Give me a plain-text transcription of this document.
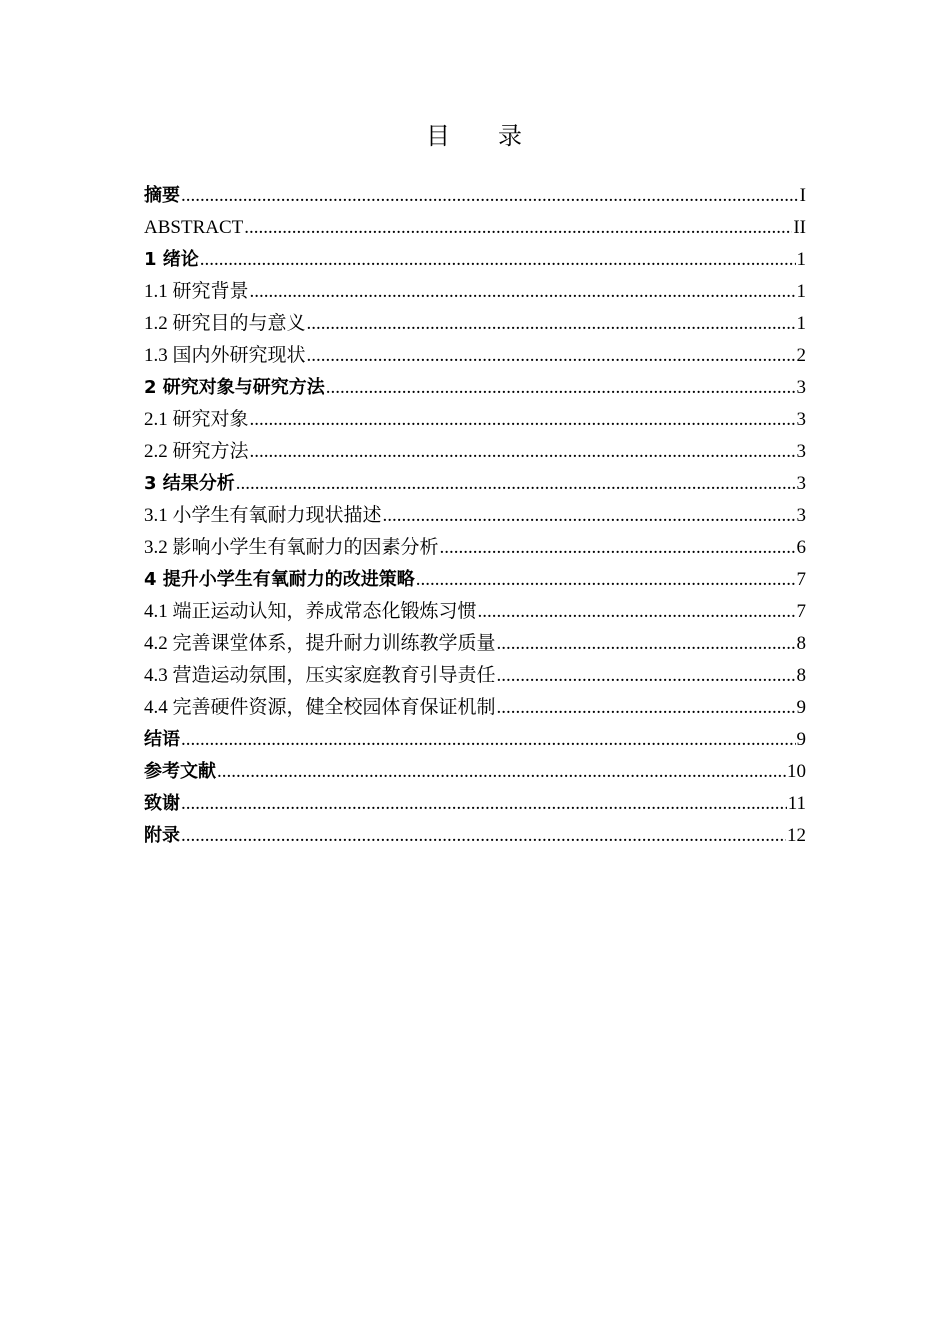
目 录
摘要 .....	I
ABSTRACT .....	II
1 绪论 .....	1
1.1 研究背景 .....	1
1.2 研究目的与意义 .....	1
1.3 国内外研究现状 .....	2
2 研究对象与研究方法 .....	3
2.1 研究对象 .....	3
2.2 研究方法 .....	3
3 结果分析 .....	3
3.1 小学生有氧耐力现状描述 .....	3
3.2 影响小学生有氧耐力的因素分析 .....	6
4 提升小学生有氧耐力的改进策略 .....	7
4.1 端正运动认知，养成常态化锻炼习惯 .....	7
4.2 完善课堂体系，提升耐力训练教学质量 .....	8
4.3 营造运动氛围，压实家庭教育引导责任 .....	8
4.4 完善硬件资源，健全校园体育保证机制 .....	9
结语 .....	9
参考文献 .....	10
致谢 .....	11
附录 .....	12
